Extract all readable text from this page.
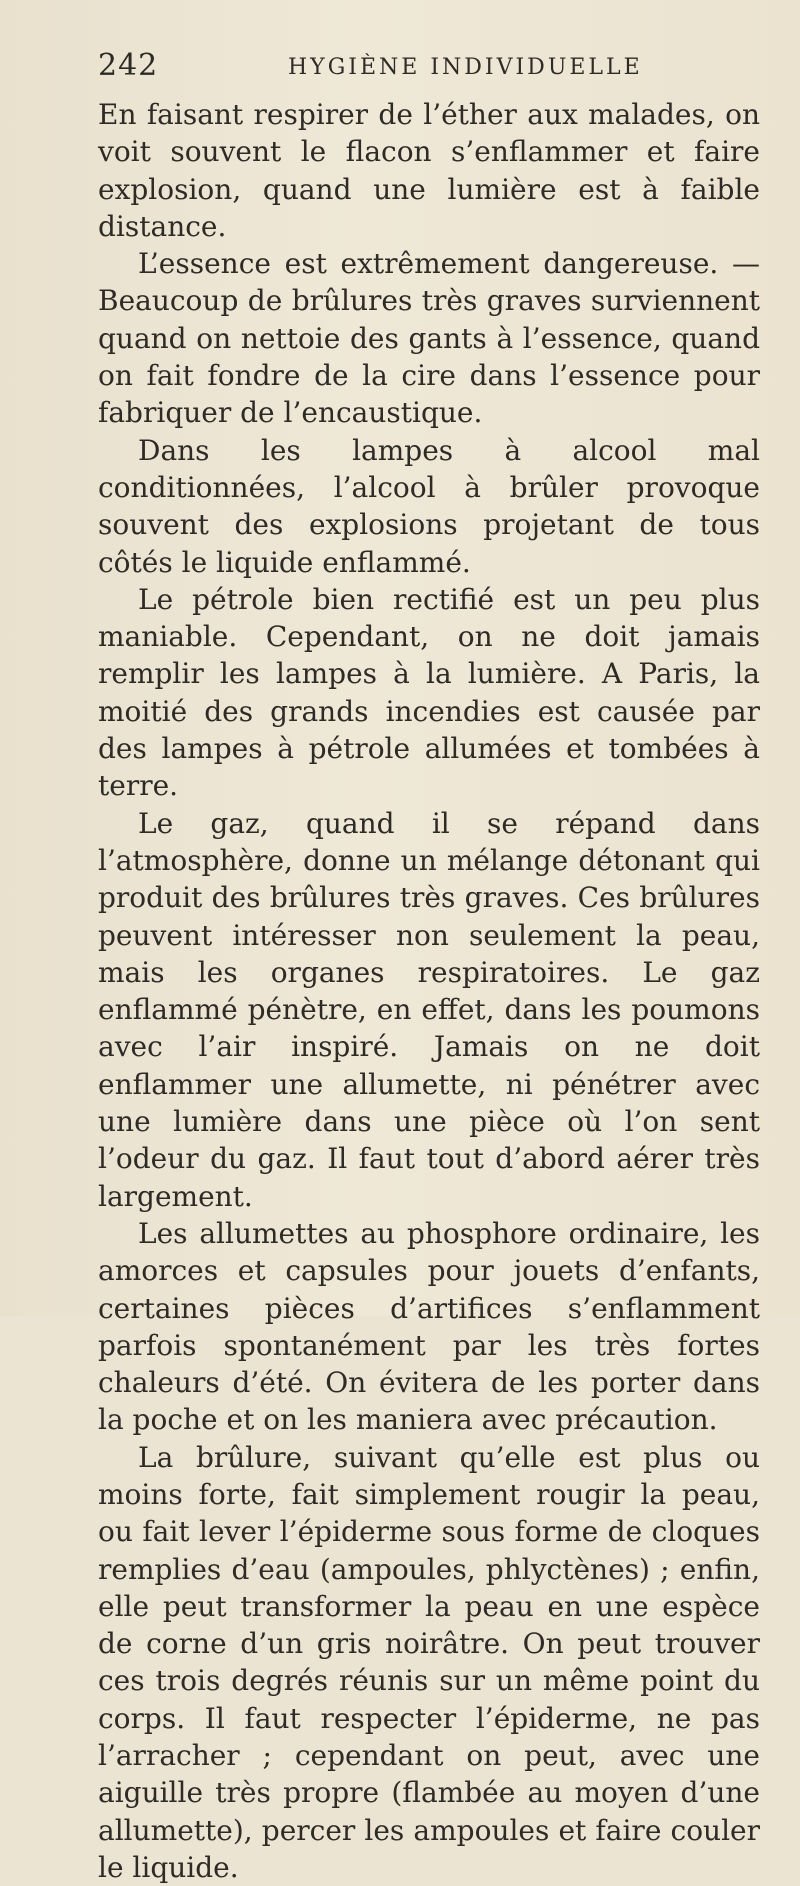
242	HYGIÈNE INDIVIDUELLE

En faisant respirer de l’éther aux malades, on voit souvent le flacon s’enflammer et faire explosion, quand une lumière est à faible distance.

L’essence est extrêmement dangereuse. — Beaucoup de brûlures très graves surviennent quand on nettoie des gants à l’essence, quand on fait fondre de la cire dans l’essence pour fabriquer de l’encaustique.

Dans les lampes à alcool mal conditionnées, l’alcool à brûler provoque souvent des explosions projetant de tous côtés le liquide enflammé.

Le pétrole bien rectifié est un peu plus maniable. Cependant, on ne doit jamais remplir les lampes à la lumière. A Paris, la moitié des grands incendies est causée par des lampes à pétrole allumées et tombées à terre.

Le gaz, quand il se répand dans l’atmosphère, donne un mélange détonant qui produit des brûlures très graves. Ces brûlures peuvent intéresser non seulement la peau, mais les organes respiratoires. Le gaz enflammé pénètre, en effet, dans les poumons avec l’air inspiré. Jamais on ne doit enflammer une allumette, ni pénétrer avec une lumière dans une pièce où l’on sent l’odeur du gaz. Il faut tout d’abord aérer très largement.

Les allumettes au phosphore ordinaire, les amorces et capsules pour jouets d’enfants, certaines pièces d’artifices s’enflamment parfois spontanément par les très fortes chaleurs d’été. On évitera de les porter dans la poche et on les maniera avec précaution.

La brûlure, suivant qu’elle est plus ou moins forte, fait simplement rougir la peau, ou fait lever l’épiderme sous forme de cloques remplies d’eau (ampoules, phlyctènes) ; enfin, elle peut transformer la peau en une espèce de corne d’un gris noirâtre. On peut trouver ces trois degrés réunis sur un même point du corps. Il faut respecter l’épiderme, ne pas l’arracher ; cependant on peut, avec une aiguille très propre (flambée au moyen d’une allumette), percer les ampoules et faire couler le liquide.
